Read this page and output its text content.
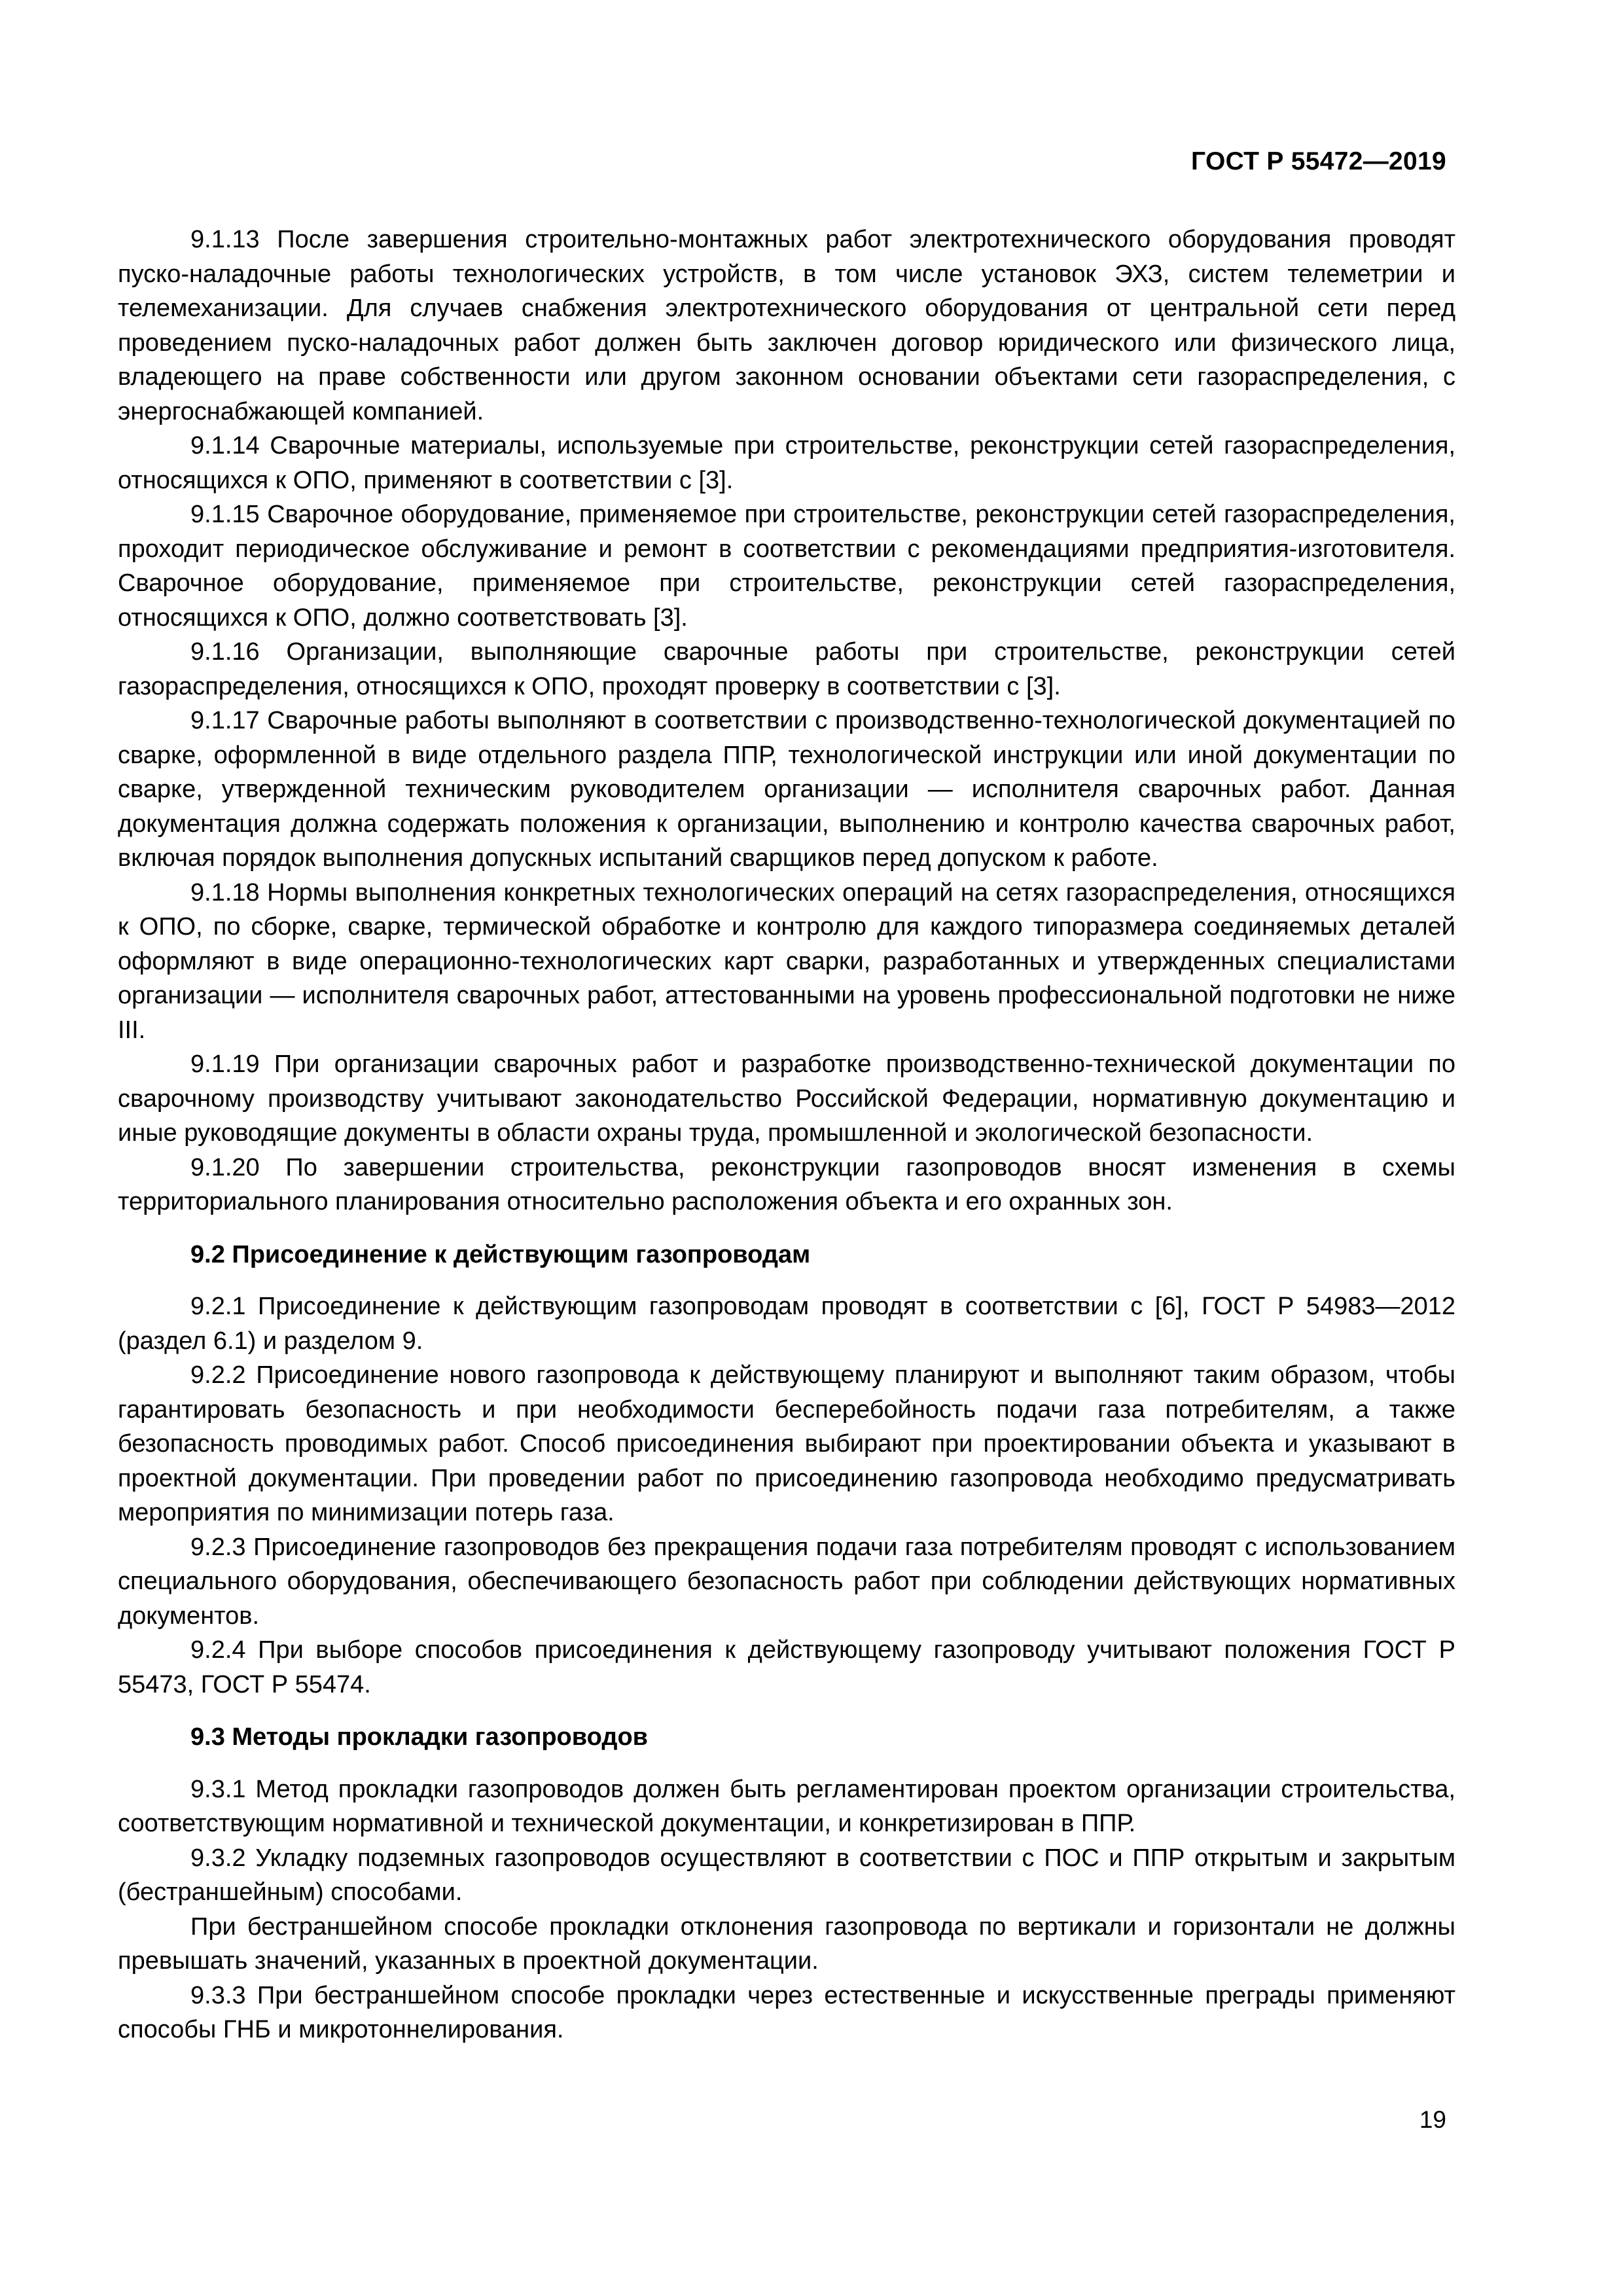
ГОСТ Р 55472—2019

9.1.13 После завершения строительно-монтажных работ электротехнического оборудования проводят пуско-наладочные работы технологических устройств, в том числе установок ЭХЗ, систем телеметрии и телемеханизации. Для случаев снабжения электротехнического оборудования от центральной сети перед проведением пуско-наладочных работ должен быть заключен договор юридического или физического лица, владеющего на праве собственности или другом законном основании объектами сети газораспределения, с энергоснабжающей компанией.

9.1.14 Сварочные материалы, используемые при строительстве, реконструкции сетей газораспределения, относящихся к ОПО, применяют в соответствии с [3].

9.1.15 Сварочное оборудование, применяемое при строительстве, реконструкции сетей газораспределения, проходит периодическое обслуживание и ремонт в соответствии с рекомендациями предприятия-изготовителя. Сварочное оборудование, применяемое при строительстве, реконструкции сетей газораспределения, относящихся к ОПО, должно соответствовать [3].

9.1.16 Организации, выполняющие сварочные работы при строительстве, реконструкции сетей газораспределения, относящихся к ОПО, проходят проверку в соответствии с [3].

9.1.17 Сварочные работы выполняют в соответствии с производственно-технологической документацией по сварке, оформленной в виде отдельного раздела ППР, технологической инструкции или иной документации по сварке, утвержденной техническим руководителем организации — исполнителя сварочных работ. Данная документация должна содержать положения к организации, выполнению и контролю качества сварочных работ, включая порядок выполнения допускных испытаний сварщиков перед допуском к работе.

9.1.18 Нормы выполнения конкретных технологических операций на сетях газораспределения, относящихся к ОПО, по сборке, сварке, термической обработке и контролю для каждого типоразмера соединяемых деталей оформляют в виде операционно-технологических карт сварки, разработанных и утвержденных специалистами организации — исполнителя сварочных работ, аттестованными на уровень профессиональной подготовки не ниже III.

9.1.19 При организации сварочных работ и разработке производственно-технической документации по сварочному производству учитывают законодательство Российской Федерации, нормативную документацию и иные руководящие документы в области охраны труда, промышленной и экологической безопасности.

9.1.20 По завершении строительства, реконструкции газопроводов вносят изменения в схемы территориального планирования относительно расположения объекта и его охранных зон.

9.2 Присоединение к действующим газопроводам

9.2.1 Присоединение к действующим газопроводам проводят в соответствии с [6], ГОСТ Р 54983—2012 (раздел 6.1) и разделом 9.

9.2.2 Присоединение нового газопровода к действующему планируют и выполняют таким образом, чтобы гарантировать безопасность и при необходимости бесперебойность подачи газа потребителям, а также безопасность проводимых работ. Способ присоединения выбирают при проектировании объекта и указывают в проектной документации. При проведении работ по присоединению газопровода необходимо предусматривать мероприятия по минимизации потерь газа.

9.2.3 Присоединение газопроводов без прекращения подачи газа потребителям проводят с использованием специального оборудования, обеспечивающего безопасность работ при соблюдении действующих нормативных документов.

9.2.4 При выборе способов присоединения к действующему газопроводу учитывают положения ГОСТ Р 55473, ГОСТ Р 55474.

9.3 Методы прокладки газопроводов

9.3.1 Метод прокладки газопроводов должен быть регламентирован проектом организации строительства, соответствующим нормативной и технической документации, и конкретизирован в ППР.

9.3.2 Укладку подземных газопроводов осуществляют в соответствии с ПОС и ППР открытым и закрытым (бестраншейным) способами.

При бестраншейном способе прокладки отклонения газопровода по вертикали и горизонтали не должны превышать значений, указанных в проектной документации.

9.3.3 При бестраншейном способе прокладки через естественные и искусственные преграды применяют способы ГНБ и микротоннелирования.

19
